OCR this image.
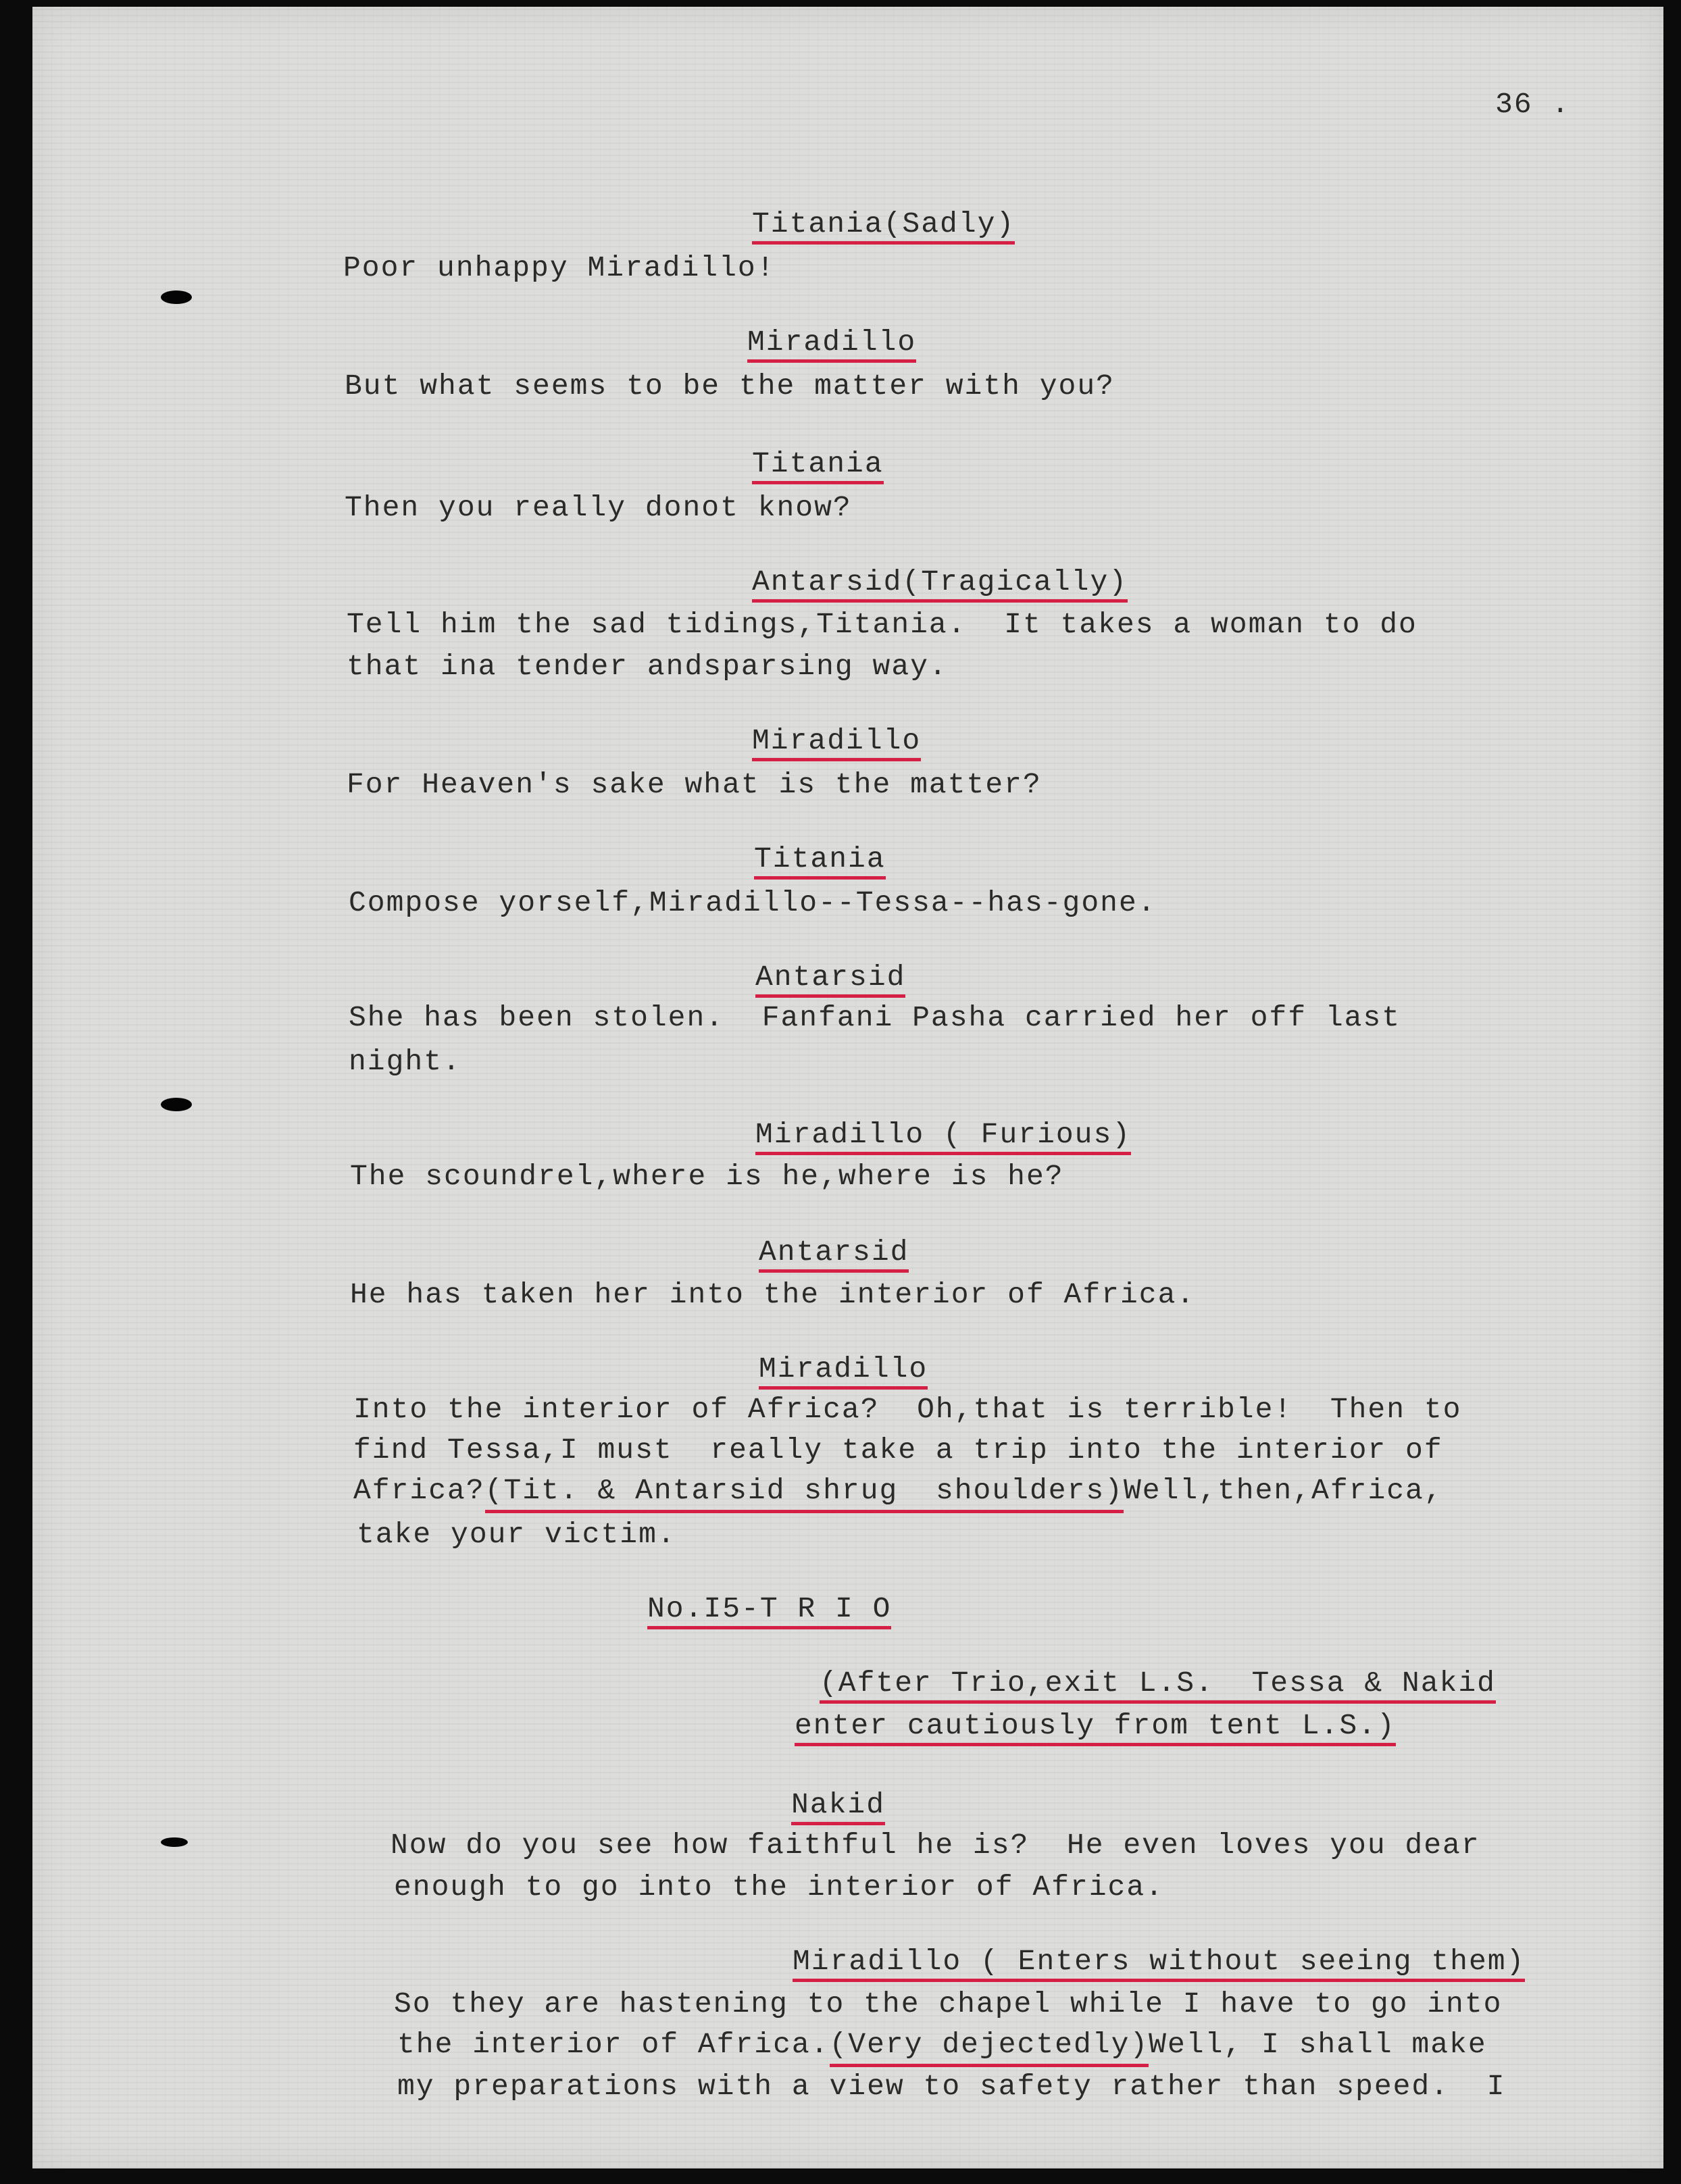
36 .
Titania(Sadly)
Poor unhappy Miradillo!
Miradillo
But what seems to be the matter with you?
Titania
Then you really donot know?
Antarsid(Tragically)
Tell him the sad tidings,Titania.  It takes a woman to do
that ina tender andsparsing way.
Miradillo
For Heaven's sake what is the matter?
Titania
Compose yorself,Miradillo--Tessa--has-gone.
Antarsid
She has been stolen.  Fanfani Pasha carried her off last
night.
Miradillo ( Furious)
The scoundrel,where is he,where is he?
Antarsid
He has taken her into the interior of Africa.
Miradillo
Into the interior of Africa?  Oh,that is terrible!  Then to
find Tessa,I must  really take a trip into the interior of
Africa?(Tit. & Antarsid shrug  shoulders)Well,then,Africa,
take your victim.
No.I5-T R I O
(After Trio,exit L.S.  Tessa & Nakid
enter cautiously from tent L.S.)
Nakid
Now do you see how faithful he is?  He even loves you dear
enough to go into the interior of Africa.
Miradillo ( Enters without seeing them)
So they are hastening to the chapel while I have to go into
the interior of Africa.(Very dejectedly)Well, I shall make
my preparations with a view to safety rather than speed.  I
